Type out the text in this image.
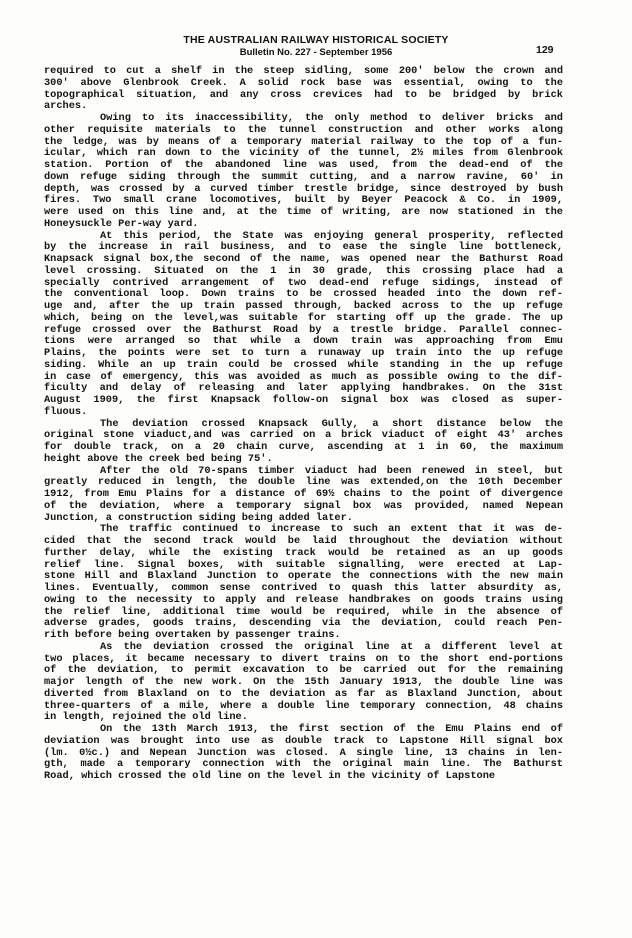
THE AUSTRALIAN RAILWAY HISTORICAL SOCIETY
Bulletin No. 227 - September 1956	129
required to cut a shelf in the steep sidling, some 200' below the crown and
300' above Glenbrook Creek. A solid rock base was essential, owing to the
topographical situation, and any cross crevices had to be bridged by brick
arches.
Owing to its inaccessibility, the only method to deliver bricks and
other requisite materials to the tunnel construction and other works along
the ledge, was by means of a temporary material railway to the top of a fun-
icular, which ran down to the vicinity of the tunnel, 2½ miles from Glenbrook
station. Portion of the abandoned line was used, from the dead-end of the
down refuge siding through the summit cutting, and a narrow ravine, 60' in
depth, was crossed by a curved timber trestle bridge, since destroyed by bush
fires. Two small crane locomotives, built by Beyer Peacock & Co. in 1909,
were used on this line and, at the time of writing, are now stationed in the
Honeysuckle Per-way yard.
At this period, the State was enjoying general prosperity, reflected
by the increase in rail business, and to ease the single line bottleneck,
Knapsack signal box,the second of the name, was opened near the Bathurst Road
level crossing. Situated on the 1 in 30 grade, this crossing place had a
specially contrived arrangement of two dead-end refuge sidings, instead of
the conventional loop. Down trains to be crossed headed into the down ref-
uge and, after the up train passed through, backed across to the up refuge
which, being on the level,was suitable for starting off up the grade. The up
refuge crossed over the Bathurst Road by a trestle bridge. Parallel connec-
tions were arranged so that while a down train was approaching from Emu
Plains, the points were set to turn a runaway up train into the up refuge
siding. While an up train could be crossed while standing in the up refuge
in case of emergency, this was avoided as much as possible owing to the dif-
ficulty and delay of releasing and later applying handbrakes. On the 31st
August 1909, the first Knapsack follow-on signal box was closed as super-
fluous.
The deviation crossed Knapsack Gully, a short distance below the
original stone viaduct,and was carried on a brick viaduct of eight 43' arches
for double track, on a 20 chain curve, ascending at 1 in 60, the maximum
height above the creek bed being 75'.
After the old 70-spans timber viaduct had been renewed in steel, but
greatly reduced in length, the double line was extended,on the 10th December
1912, from Emu Plains for a distance of 69½ chains to the point of divergence
of the deviation, where a temporary signal box was provided, named Nepean
Junction, a construction siding being added later.
The traffic continued to increase to such an extent that it was de-
cided that the second track would be laid throughout the deviation without
further delay, while the existing track would be retained as an up goods
relief line. Signal boxes, with suitable signalling, were erected at Lap-
stone Hill and Blaxland Junction to operate the connections with the new main
lines. Eventually, common sense contrived to quash this latter absurdity as,
owing to the necessity to apply and release handbrakes on goods trains using
the relief line, additional time would be required, while in the absence of
adverse grades, goods trains, descending via the deviation, could reach Pen-
rith before being overtaken by passenger trains.
As the deviation crossed the original line at a different level at
two places, it became necessary to divert trains on to the short end-portions
of the deviation, to permit excavation to be carried out for the remaining
major length of the new work. On the 15th January 1913, the double line was
diverted from Blaxland on to the deviation as far as Blaxland Junction, about
three-quarters of a mile, where a double line temporary connection, 48 chains
in length, rejoined the old line.
On the 13th March 1913, the first section of the Emu Plains end of
deviation was brought into use as double track to Lapstone Hill signal box
(lm. 0½c.) and Nepean Junction was closed. A single line, 13 chains in len-
gth, made a temporary connection with the original main line. The Bathurst
Road, which crossed the old line on the level in the vicinity of Lapstone
